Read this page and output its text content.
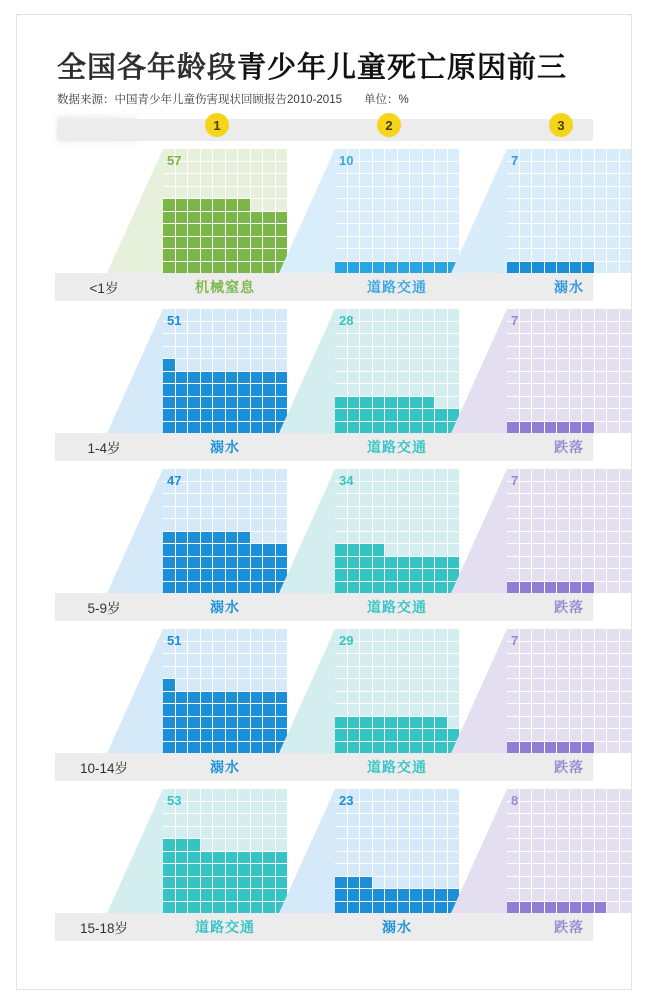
全国各年龄段青少年儿童死亡原因前三
数据来源：中国青少年儿童伤害现状回顾报告2010-2015 单位：%
1	2	3
<1岁
57
机械窒息
10
道路交通
7
溺水
1-4岁
51
溺水
28
道路交通
7
跌落
5-9岁
47
溺水
34
道路交通
7
跌落
10-14岁
51
溺水
29
道路交通
7
跌落
15-18岁
53
道路交通
23
溺水
8
跌落
